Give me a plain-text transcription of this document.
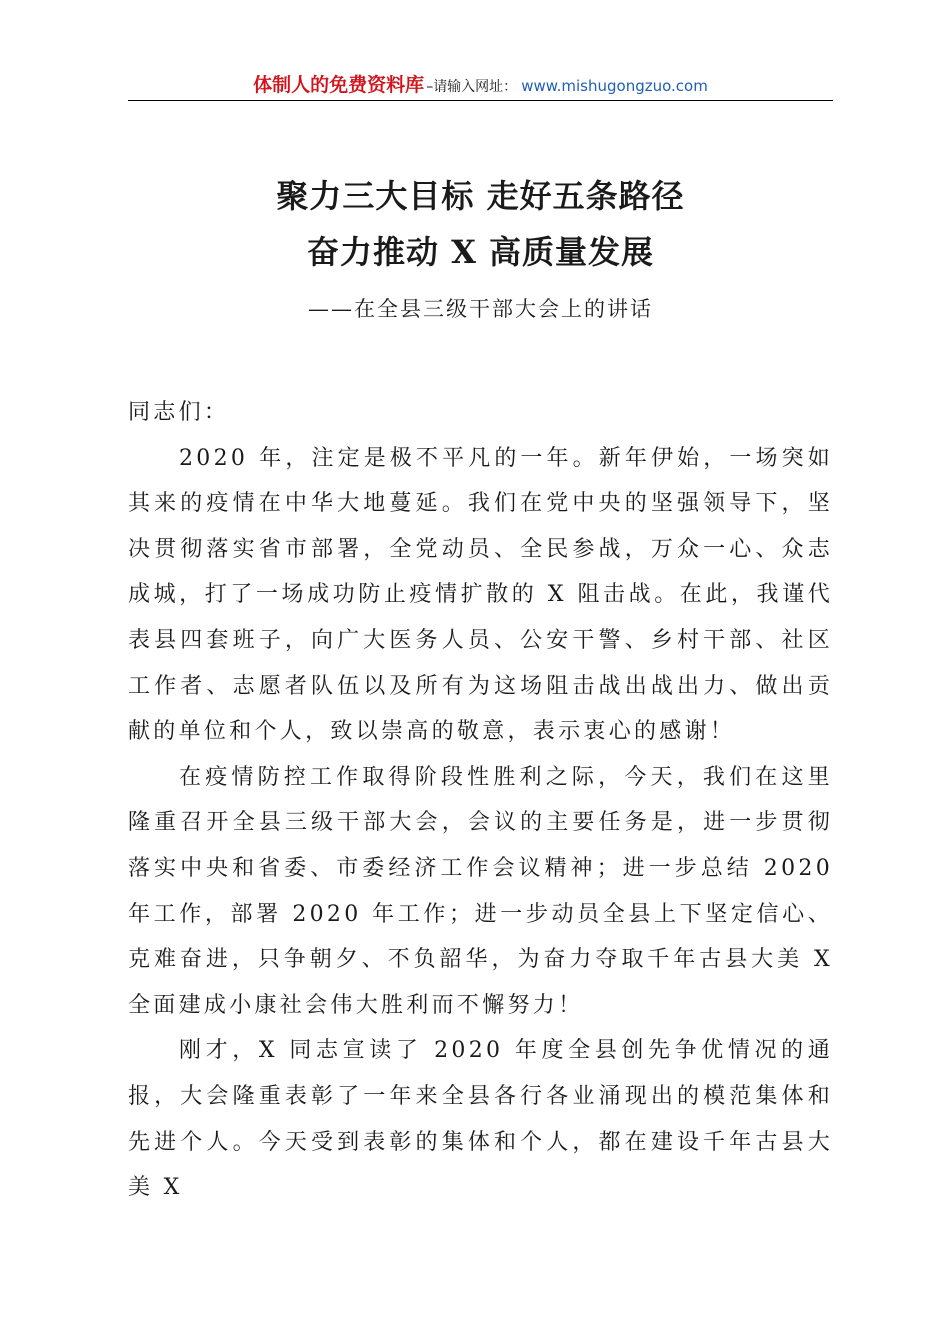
体制人的免费资料库 –请输入网址： www.mishugongzuo.com
聚力三大目标 走好五条路径
奋力推动 X 高质量发展
——在全县三级干部大会上的讲话

同志们：

2020 年，注定是极不平凡的一年。新年伊始，一场突如其来的疫情在中华大地蔓延。我们在党中央的坚强领导下，坚决贯彻落实省市部署，全党动员、全民参战，万众一心、众志成城，打了一场成功防止疫情扩散的 X 阻击战。在此，我谨代表县四套班子，向广大医务人员、公安干警、乡村干部、社区工作者、志愿者队伍以及所有为这场阻击战出战出力、做出贡献的单位和个人，致以崇高的敬意，表示衷心的感谢！

在疫情防控工作取得阶段性胜利之际，今天，我们在这里隆重召开全县三级干部大会，会议的主要任务是，进一步贯彻落实中央和省委、市委经济工作会议精神；进一步总结 2020 年工作，部署 2020 年工作；进一步动员全县上下坚定信心、克难奋进，只争朝夕、不负韶华，为奋力夺取千年古县大美 X 全面建成小康社会伟大胜利而不懈努力！

刚才，X 同志宣读了 2020 年度全县创先争优情况的通报，大会隆重表彰了一年来全县各行各业涌现出的模范集体和先进个人。今天受到表彰的集体和个人，都在建设千年古县大美 X
